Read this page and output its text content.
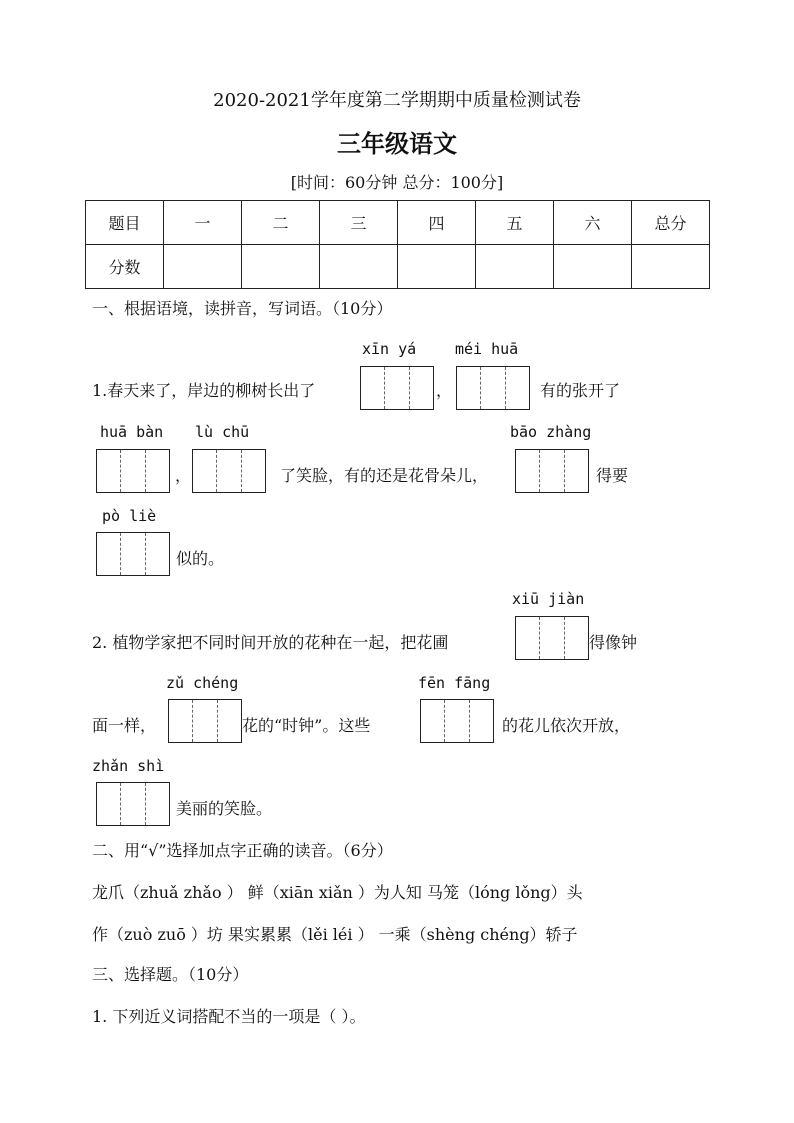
2020-2021学年度第二学期期中质量检测试卷
三年级语文
[时间：60分钟 总分：100分]
题目	一	二	三	四	五	六	总分
分数							
一、根据语境，读拼音，写词语。（10分）
xīn yá	méi huā
1.春天来了，岸边的柳树长出了	，	有的张开了
huā bàn lù chū	bāo zhàng
，	了笑脸，有的还是花骨朵儿，	得要
pò liè
似的。
xiū jiàn
2. 植物学家把不同时间开放的花种在一起，把花圃	得像钟
zǔ chéng	fēn fāng
面一样，	花的“时钟”。这些	的花儿依次开放，
zhǎn shì
美丽的笑脸。
二、用“√”选择加点字正确的读音。（6分）
龙爪（zhuǎ zhǎo ） 鲜（xiān xiǎn ）为人知 马笼（lóng lǒng）头
作（zuò zuō ）坊 果实累累（lěi léi ） 一乘（shèng chéng）轿子
三、选择题。（10分）
1. 下列近义词搭配不当的一项是（ ）。
